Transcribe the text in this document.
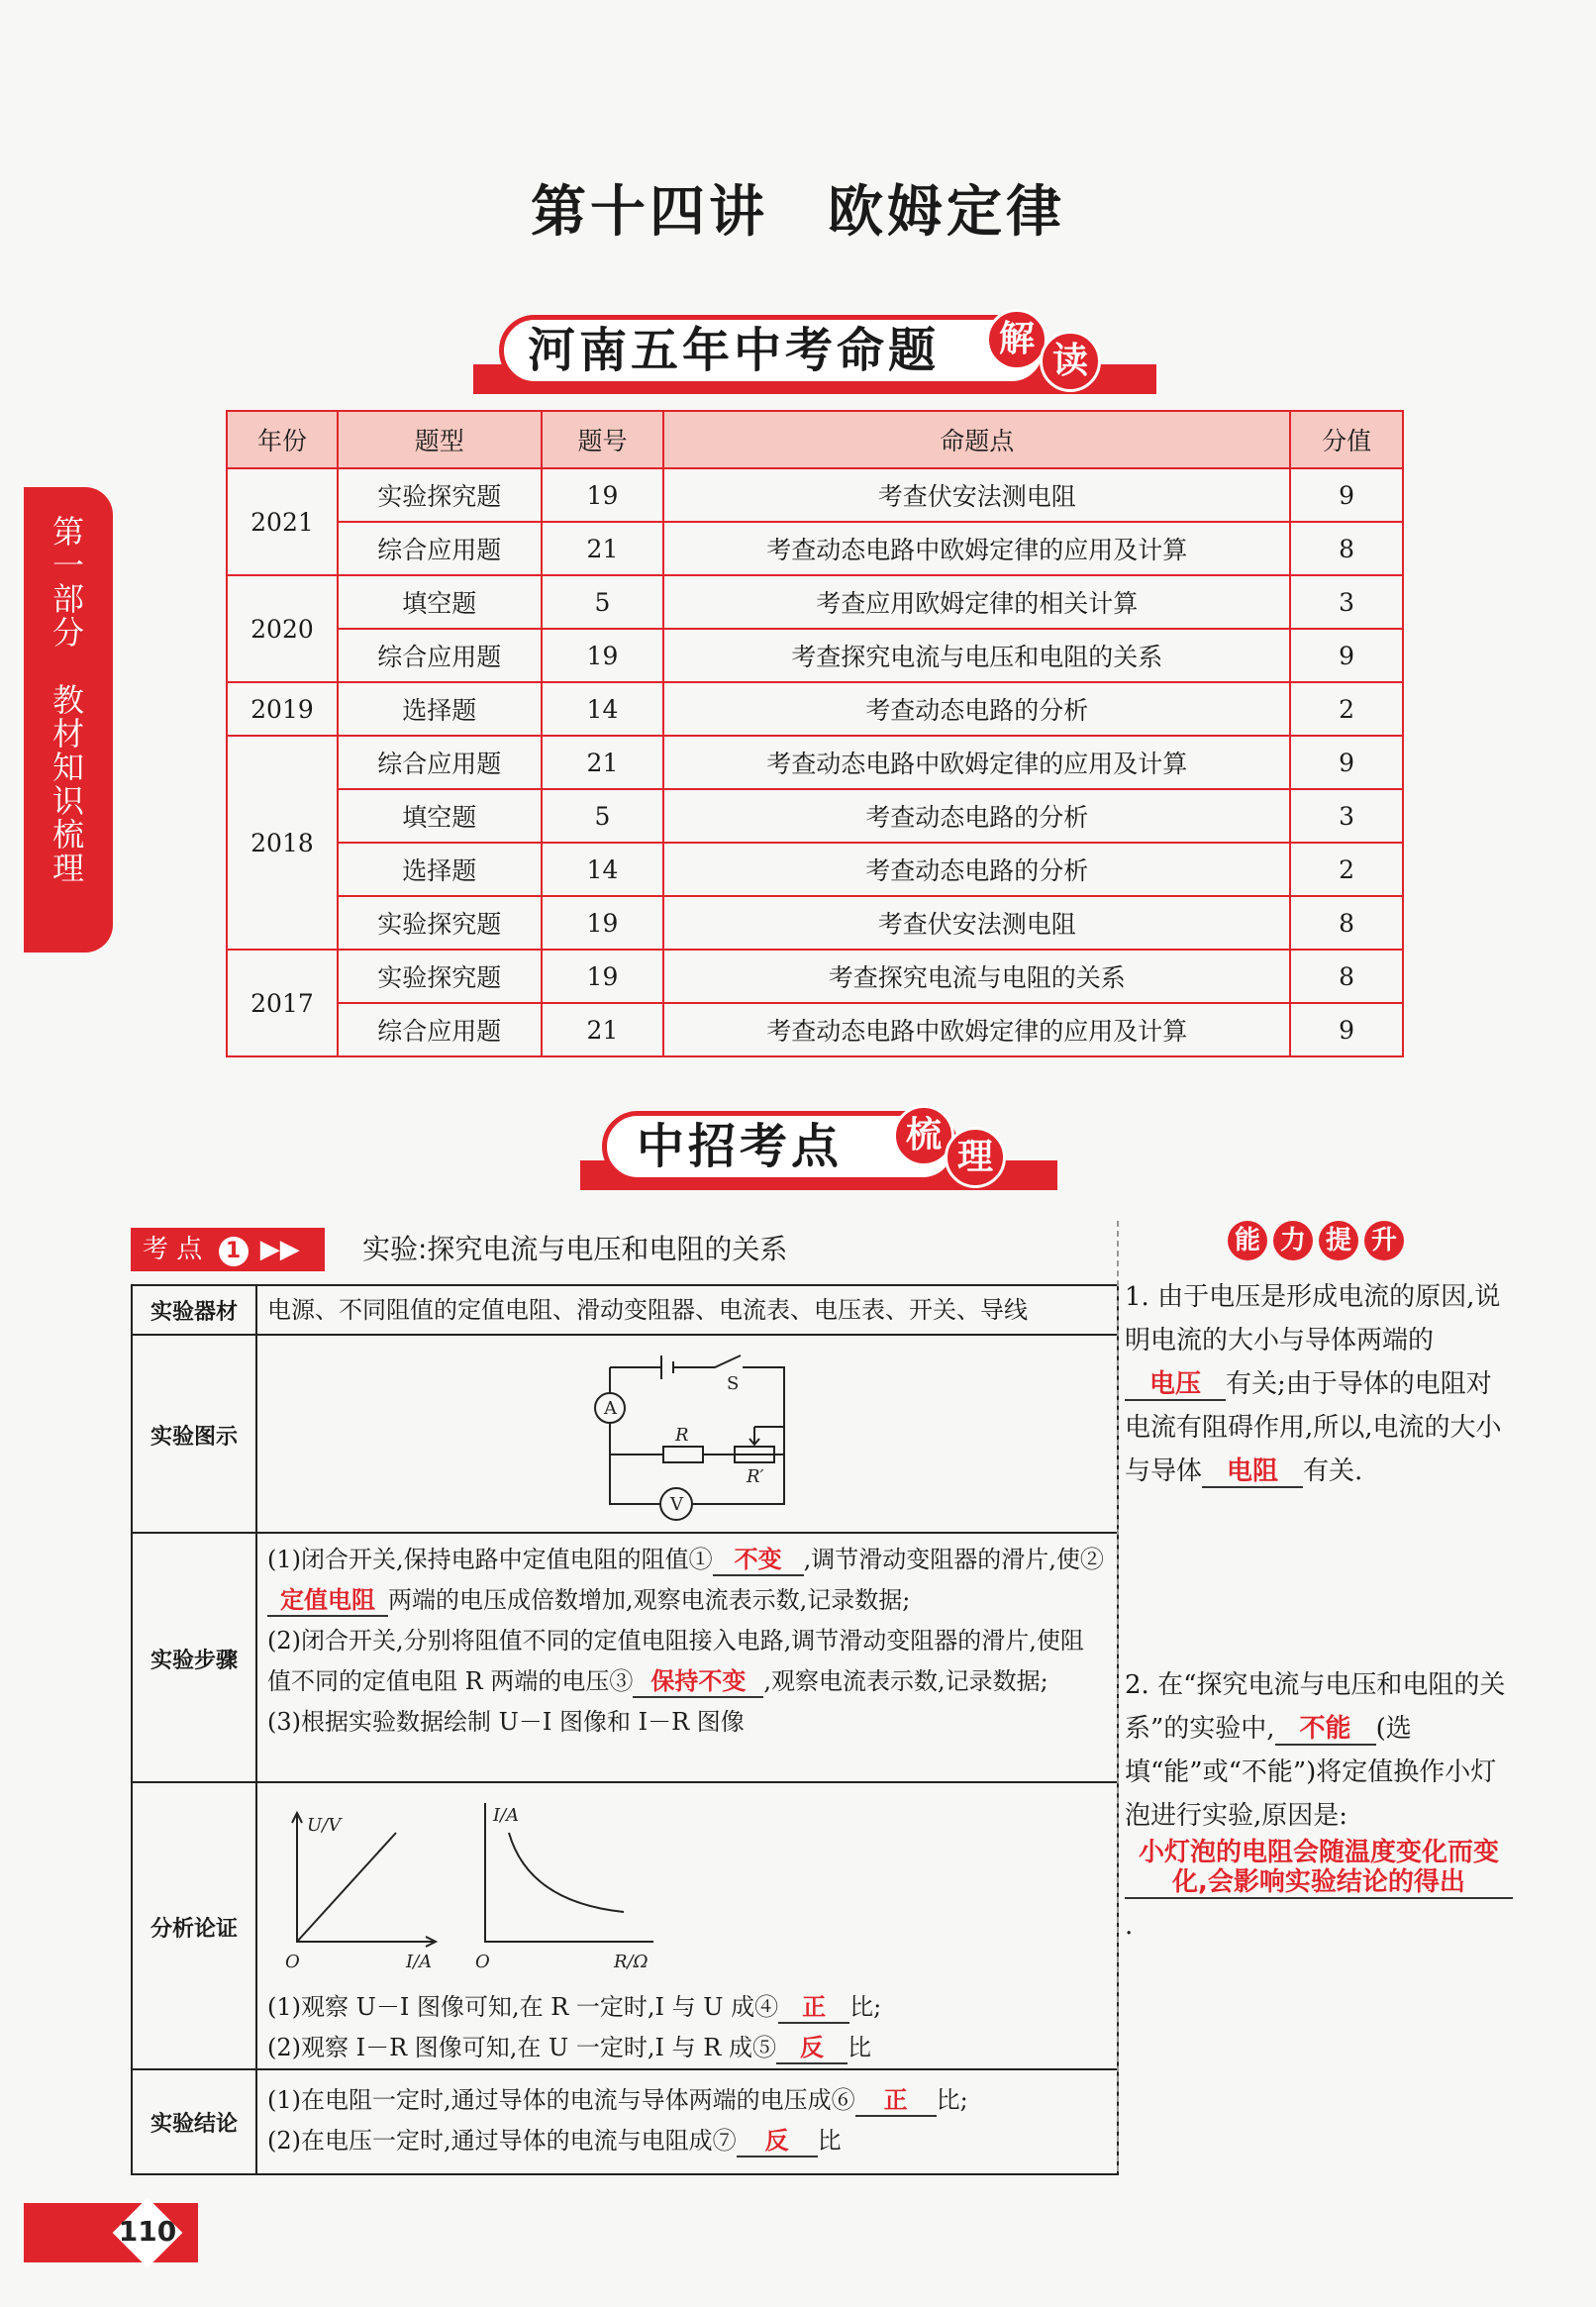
第十四讲　欧姆定律
河南五年中考命题	解
读
年份	题型	题号	命题点	分值
2021	实验探究题	19	考查伏安法测电阻	9
	综合应用题	21	考查动态电路中欧姆定律的应用及计算	8
2020	填空题	5	考查应用欧姆定律的相关计算	3
	综合应用题	19	考查探究电流与电压和电阻的关系	9
2019	选择题	14	考查动态电路的分析	2
2018	综合应用题	21	考查动态电路中欧姆定律的应用及计算	9
	填空题	5	考查动态电路的分析	3
	选择题	14	考查动态电路的分析	2
	实验探究题	19	考查伏安法测电阻	8
2017	实验探究题	19	考查探究电流与电阻的关系	8
	综合应用题	21	考查动态电路中欧姆定律的应用及计算	9
第一部分　教材知识梳理
中招考点	梳
理
考 点 1 ▶▶	实验:探究电流与电压和电阻的关系
实验器材	电源、不同阻值的定值电阻、滑动变阻器、电流表、电压表、开关、导线
实验图示
A
V
S
R
R′
实验步骤
(1)闭合开关,保持电路中定值电阻的阻值① 不变 ,调节滑动变阻器的滑片,使②定值电阻 两端的电压成倍数增加,观察电流表示数,记录数据;
(2)闭合开关,分别将阻值不同的定值电阻接入电路,调节滑动变阻器的滑片,使阻值不同的定值电阻 R 两端的电压③ 保持不变 ,观察电流表示数,记录数据;
(3)根据实验数据绘制 U－I 图像和 I－R 图像
分析论证
U/V
I/A
O
I/A
R/Ω
O
(1)观察 U－I 图像可知,在 R 一定时,I 与 U 成④ 正 比;
(2)观察 I－R 图像可知,在 U 一定时,I 与 R 成⑤ 反 比
实验结论
(1)在电阻一定时,通过导体的电流与导体两端的电压成⑥ 正 比;
(2)在电压一定时,通过导体的电流与电阻成⑦ 反 比
能 力 提 升
1. 由于电压是形成电流的原因,说明电流的大小与导体两端的电压 有关;由于导体的电阻对电流有阻碍作用,所以,电流的大小与导体 电阻 有关.
2. 在“探究电流与电压和电阻的关系”的实验中, 不能 (选填“能”或“不能”)将定值换作小灯泡进行实验,原因是:小灯泡的电阻会随温度变化而变化,会影响实验结论的得出.
110
